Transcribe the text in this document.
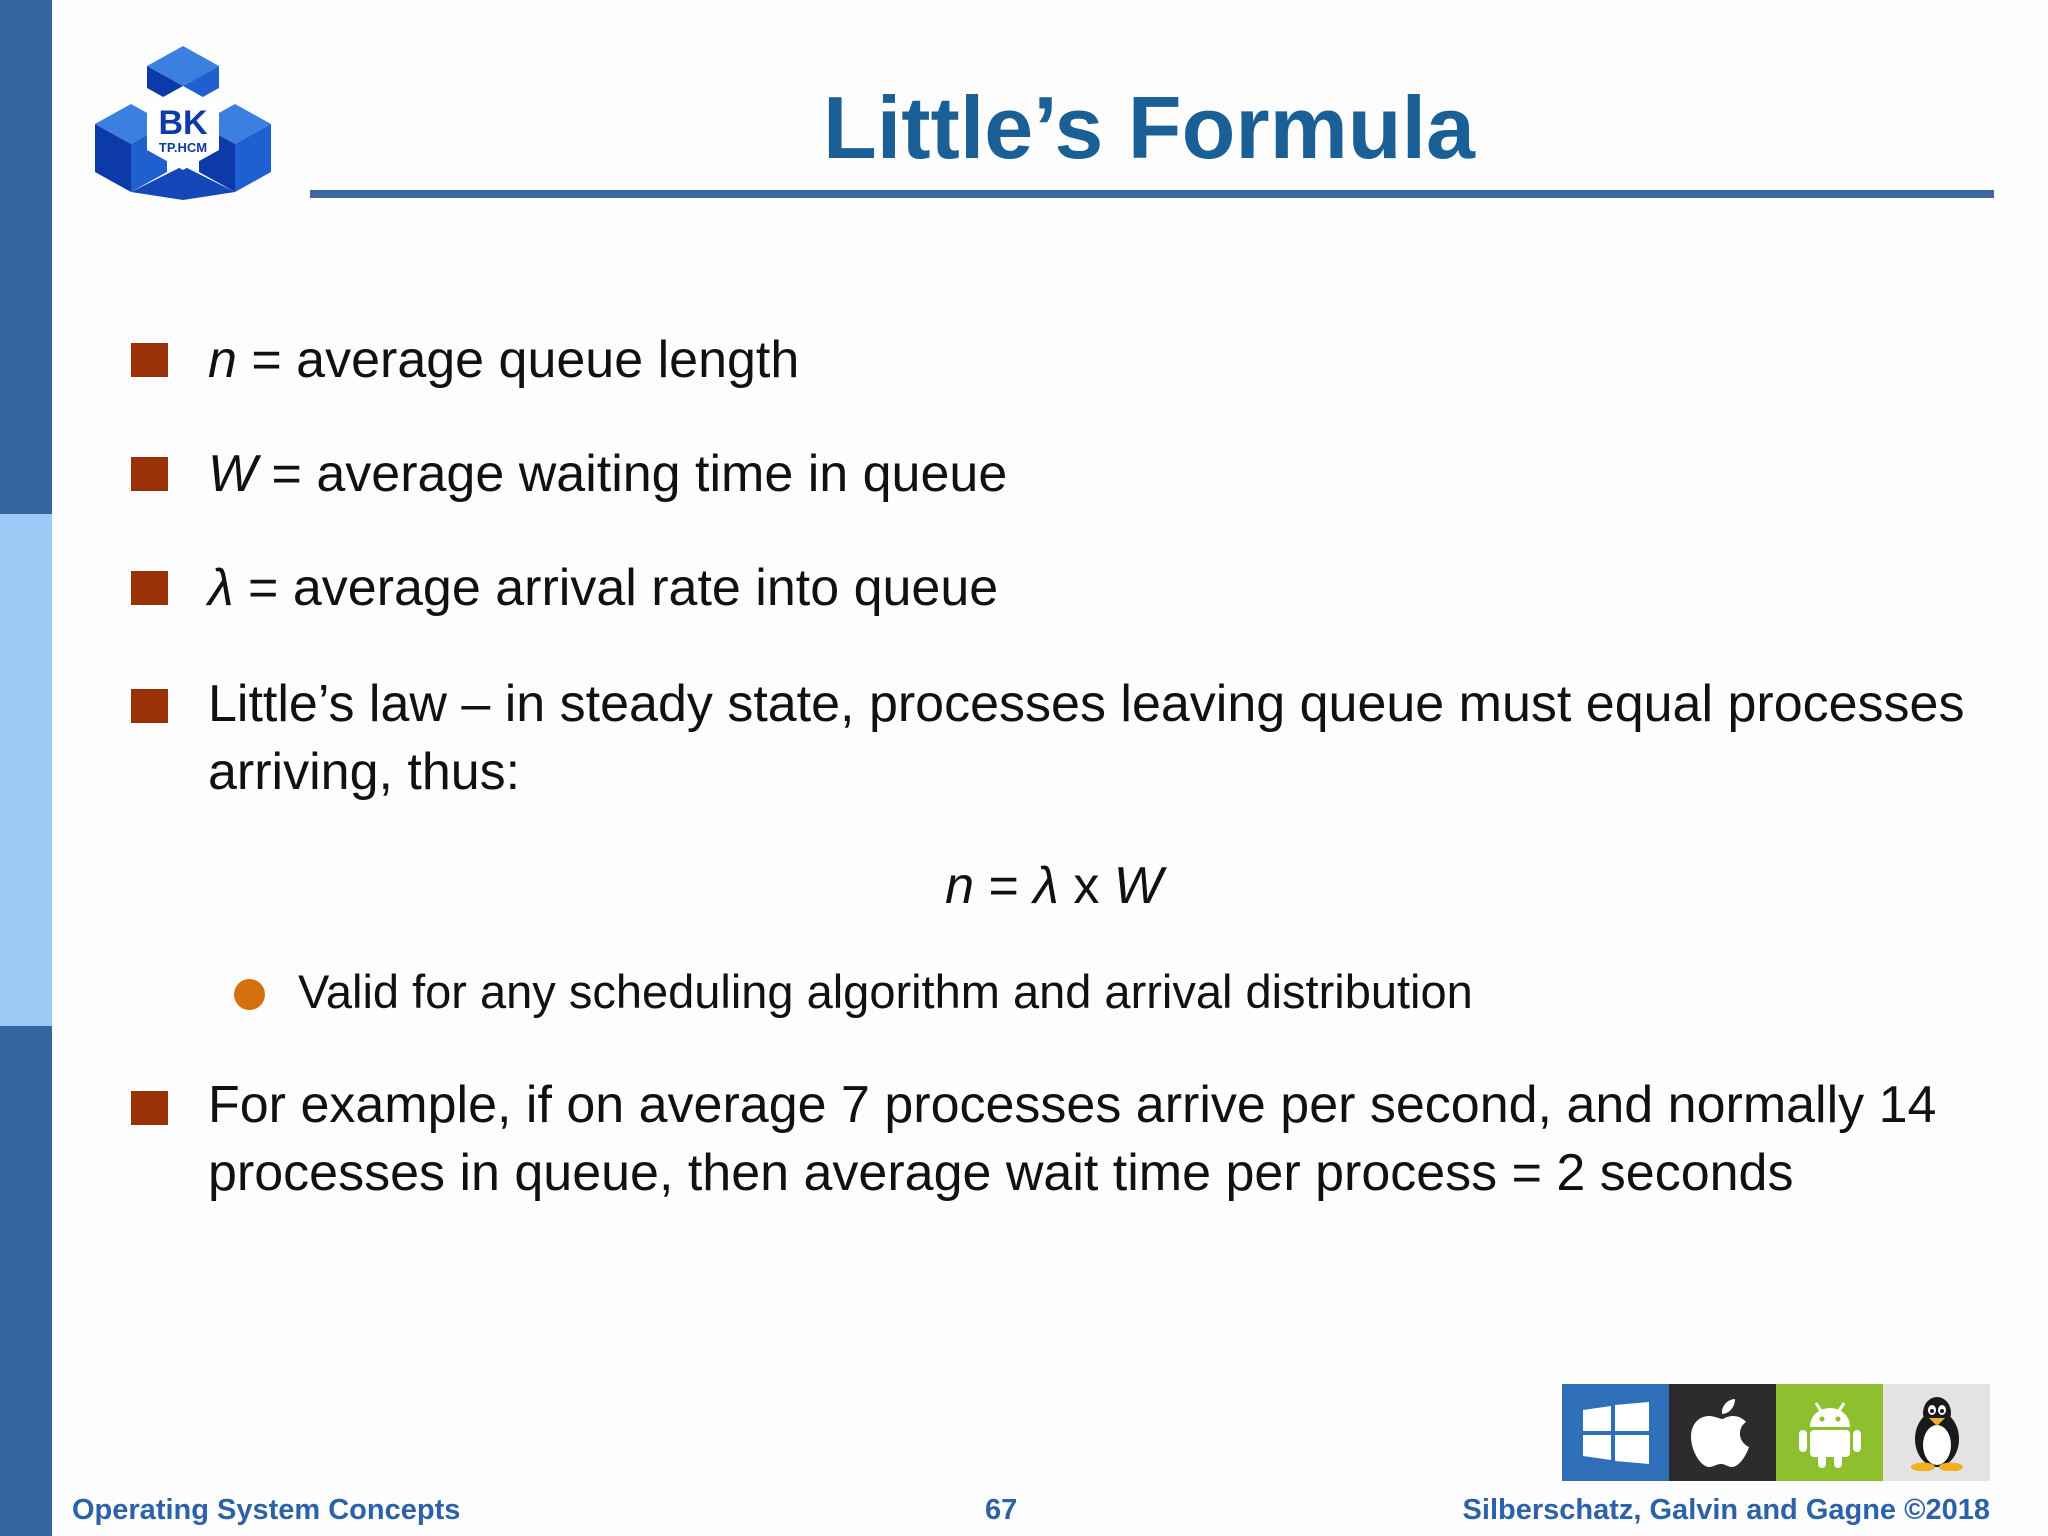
BK
TP.HCM	Little’s Formula
n = average queue length
W = average waiting time in queue
λ = average arrival rate into queue
Little’s law – in steady state, processes leaving queue must equal processes arriving, thus:
n = λ x W
Valid for any scheduling algorithm and arrival distribution
For example, if on average 7 processes arrive per second, and normally 14 processes in queue, then average wait time per process = 2 seconds
Operating System Concepts	67	Silberschatz, Galvin and Gagne ©2018
